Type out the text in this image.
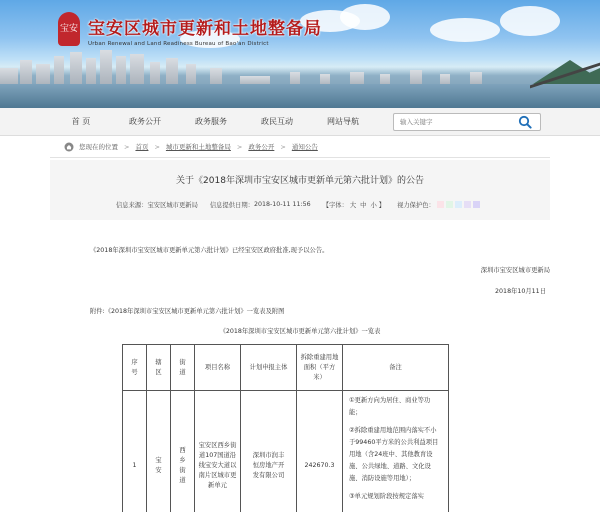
宝安 宝安区城市更新和土地整备局
Urban Renewal and Land Readiness Bureau of Bao'an District
首 页	政务公开	政务服务	政民互动	网站导航
输入关键字
您现在的位置 > 首页 > 城市更新和土地整备局 > 政务公开 > 通知公告
关于《2018年深圳市宝安区城市更新单元第六批计划》的公告
信息来源： 宝安区城市更新局 信息提供日期： 2018-10-11 11:56 【字体： 大 中 小 】 视力保护色：
《2018年深圳市宝安区城市更新单元第六批计划》已经宝安区政府批准,现予以公告。
深圳市宝安区城市更新局
2018年10月11日
附件:《2018年深圳市宝安区城市更新单元第六批计划》一览表及附图
《2018年深圳市宝安区城市更新单元第六批计划》一览表
序号	辖区	街道	项目名称	计划申报主体	拆除重建用地面积（平方米）	备注
1	宝安	西乡街道	宝安区西乡街道107国道沿线宝安大道以南片区城市更新单元	深圳市润丰恒房地产开发有限公司	242670.3	①更新方向为居住、商业等功能；
②拆除重建用地范围内落实不小于99460平方米的公共利益项目用地（含24班中、其他教育设施、公共绿地、道路、文化设施、消防设施等用地）；
③单元规划阶段按规定落实
